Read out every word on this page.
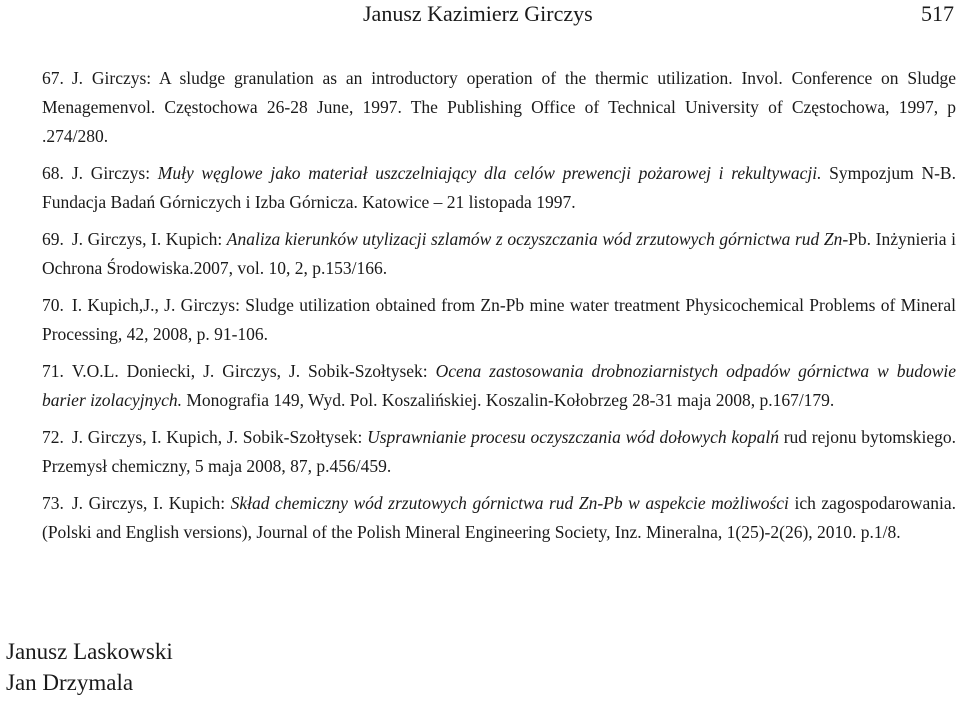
Janusz Kazimierz Girczys	517

67. J. Girczys: A sludge granulation as an introductory operation of the thermic utilization. Invol. Conference on Sludge Menagemenvol. Częstochowa 26-28 June, 1997. The Publishing Office of Technical University of Częstochowa, 1997, p .274/280.

68. J. Girczys: Muły węglowe jako materiał uszczelniający dla celów prewencji pożarowej i rekultywacji. Sympozjum N-B. Fundacja Badań Górniczych i Izba Górnicza. Katowice – 21 listopada 1997.

69. J. Girczys, I. Kupich: Analiza kierunków utylizacji szlamów z oczyszczania wód zrzutowych górnictwa rud Zn-Pb. Inżynieria i Ochrona Środowiska.2007, vol. 10, 2, p.153/166.

70. I. Kupich,J., J. Girczys: Sludge utilization obtained from Zn-Pb mine water treatment Physicochemical Problems of Mineral Processing, 42, 2008, p. 91-106.

71. V.O.L. Doniecki, J. Girczys, J. Sobik-Szołtysek: Ocena zastosowania drobnoziarnistych odpadów górnictwa w budowie barier izolacyjnych. Monografia 149, Wyd. Pol. Koszalińskiej. Koszalin-Kołobrzeg 28-31 maja 2008, p.167/179.

72. J. Girczys, I. Kupich, J. Sobik-Szołtysek: Usprawnianie procesu oczyszczania wód dołowych kopalń rud rejonu bytomskiego. Przemysł chemiczny, 5 maja 2008, 87, p.456/459.

73. J. Girczys, I. Kupich: Skład chemiczny wód zrzutowych górnictwa rud Zn-Pb w aspekcie możliwości ich zagospodarowania. (Polski and English versions), Journal of the Polish Mineral Engineering Society, Inz. Mineralna, 1(25)-2(26), 2010. p.1/8.

Janusz Laskowski
Jan Drzymala
